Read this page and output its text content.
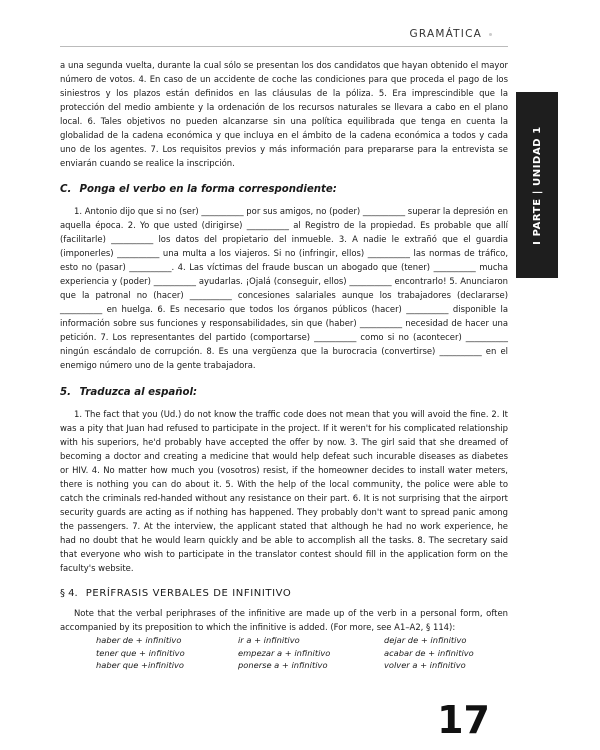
GRAMÁTICA
I PARTE | UNIDAD 1

a una segunda vuelta, durante la cual sólo se presentan los dos candidatos que hayan obtenido el mayor número de votos. 4. En caso de un accidente de coche las condiciones para que proceda el pago de los siniestros y los plazos están definidos en las cláusulas de la póliza. 5. Era imprescindible que la protección del medio ambiente y la ordenación de los recursos naturales se llevara a cabo en el plano local. 6. Tales objetivos no pueden alcanzarse sin una política equilibrada que tenga en cuenta la globalidad de la cadena económica y que incluya en el ámbito de la cadena económica a todos y cada uno de los agentes. 7. Los requisitos previos y más información para prepararse para la entrevista se enviarán cuando se realice la inscripción.

C. Ponga el verbo en la forma correspondiente:

1. Antonio dijo que si no (ser) __________ por sus amigos, no (poder) __________ superar la depresión en aquella época. 2. Yo que usted (dirigirse) __________ al Registro de la propiedad. Es probable que allí (facilitarle) __________ los datos del propietario del inmueble. 3. A nadie le extrañó que el guardia (imponerles) __________ una multa a los viajeros. Si no (infringir, ellos) __________ las normas de tráfico, esto no (pasar) __________. 4. Las víctimas del fraude buscan un abogado que (tener) __________ mucha experiencia y (poder) __________ ayudarlas. ¡Ojalá (conseguir, ellos) __________ encontrarlo! 5. Anunciaron que la patronal no (hacer) __________ concesiones salariales aunque los trabajadores (declararse) __________ en huelga. 6. Es necesario que todos los órganos públicos (hacer) __________ disponible la información sobre sus funciones y responsabilidades, sin que (haber) __________ necesidad de hacer una petición. 7. Los representantes del partido (comportarse) __________ como si no (acontecer) __________ ningún escándalo de corrupción. 8. Es una vergüenza que la burocracia (convertirse) __________ en el enemigo número uno de la gente trabajadora.

5. Traduzca al español:

1. The fact that you (Ud.) do not know the traffic code does not mean that you will avoid the fine. 2. It was a pity that Juan had refused to participate in the project. If it weren't for his complicated relationship with his superiors, he'd probably have accepted the offer by now. 3. The girl said that she dreamed of becoming a doctor and creating a medicine that would help defeat such incurable diseases as diabetes or HIV. 4. No matter how much you (vosotros) resist, if the homeowner decides to install water meters, there is nothing you can do about it. 5. With the help of the local community, the police were able to catch the criminals red-handed without any resistance on their part. 6. It is not surprising that the airport security guards are acting as if nothing has happened. They probably don't want to spread panic among the passengers. 7. At the interview, the applicant stated that although he had no work experience, he had no doubt that he would learn quickly and be able to accomplish all the tasks. 8. The secretary said that everyone who wish to participate in the translator contest should fill in the application form on the faculty's website.

§ 4. PERÍFRASIS VERBALES DE INFINITIVO

Note that the verbal periphrases of the infinitive are made up of the verb in a personal form, often accompanied by its preposition to which the infinitive is added. (For more, see A1–A2, § 114):

haber de + infinitivo	ir a + infinitivo	dejar de + infinitivo
tener que + infinitivo	empezar a + infinitivo	acabar de + infinitivo
haber que +infinitivo	ponerse a + infinitivo	volver a + infinitivo
17
